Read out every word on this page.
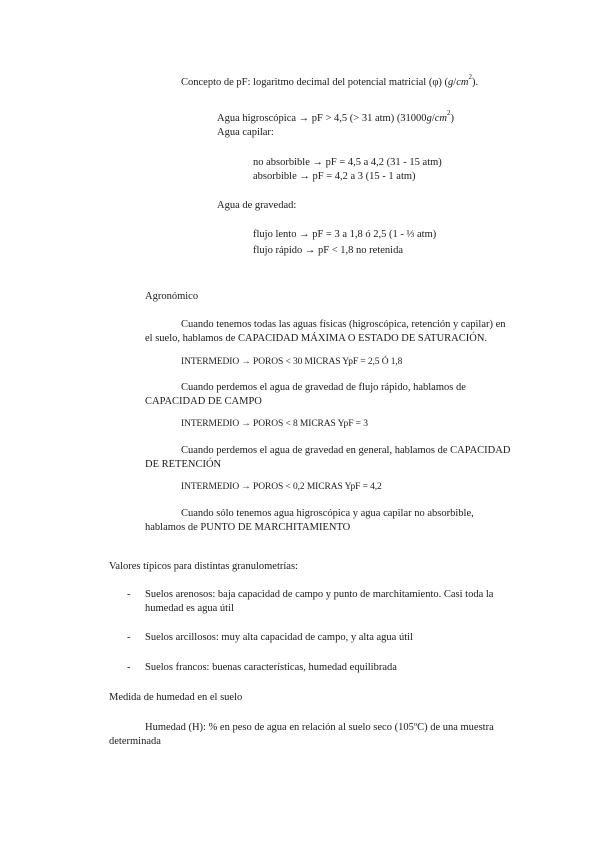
Concepto de pF: logaritmo decimal del potencial matricial (φ) $(g/cm^2)$.
Agua higroscópica → pF > 4,5 (> 31 atm) $(31000g/cm^2)$
Agua capilar:
no absorbible → pF = 4,5 a 4,2 (31 - 15 atm)
absorbible → pF = 4,2 a 3 (15 - 1 atm)
Agua de gravedad:
flujo lento → pF = 3 a 1,8 ó 2,5 (1 - ⅓ atm)
flujo rápido → pF < 1,8 no retenida
Agronómico
Cuando tenemos todas las aguas físicas (higroscópica, retención y capilar) en
el suelo, hablamos de CAPACIDAD MÁXIMA O ESTADO DE SATURACIÓN.
INTERMEDIO → POROS < 30 MICRAS YpF = 2,5 Ó 1,8
Cuando perdemos el agua de gravedad de flujo rápido, hablamos de
CAPACIDAD DE CAMPO
INTERMEDIO → POROS < 8 MICRAS YpF = 3
Cuando perdemos el agua de gravedad en general, hablamos de CAPACIDAD
DE RETENCIÓN
INTERMEDIO → POROS < 0,2 MICRAS YpF = 4,2
Cuando sólo tenemos agua higroscópica y agua capilar no absorbible,
hablamos de PUNTO DE MARCHITAMIENTO
Valores típicos para distintas granulometrías:
- Suelos arenosos: baja capacidad de campo y punto de marchitamiento. Casi toda la
humedad es agua útil
- Suelos arcillosos: muy alta capacidad de campo, y alta agua útil
- Suelos francos: buenas características, humedad equilibrada
Medida de humedad en el suelo
Humedad (H): % en peso de agua en relación al suelo seco (105ºC) de una muestra
determinada
